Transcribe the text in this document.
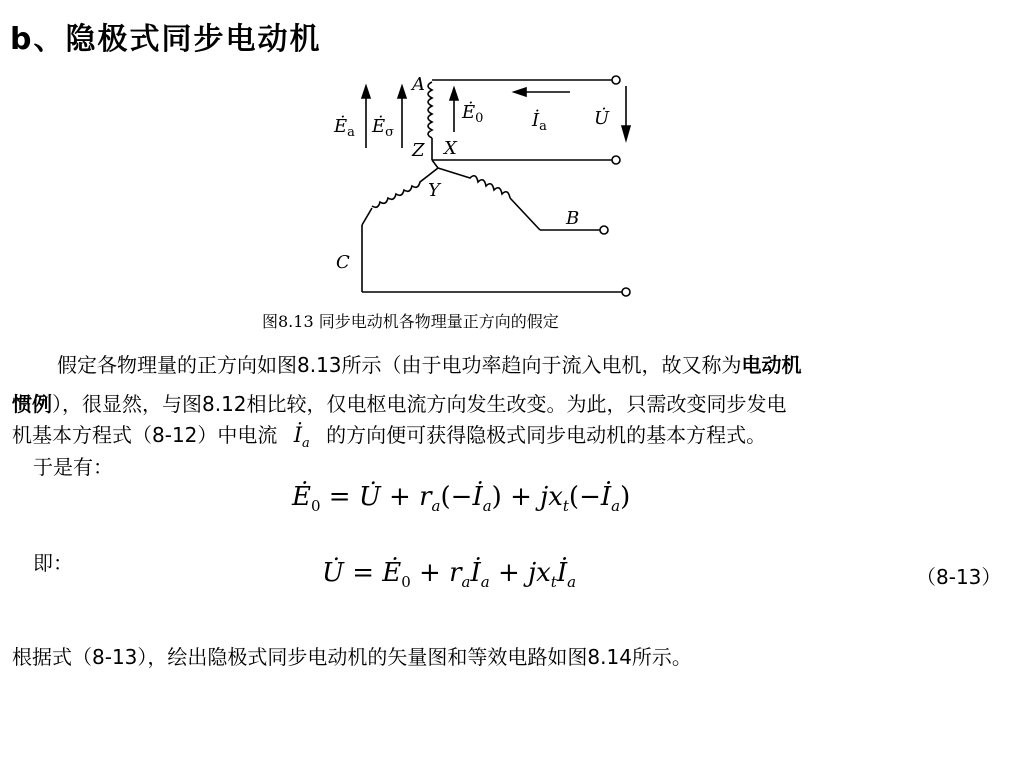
b、隐极式同步电动机
A
X
Z
Y
B
C
$Ė_a$ $Ė_\sigma$
$Ė_0$	$İ_a$	U̇
图8.13 同步电动机各物理量正方向的假定
假定各物理量的正方向如图8.13所示（由于电功率趋向于流入电机，故又称为电动机
惯例），很显然，与图8.12相比较，仅电枢电流方向发生改变。为此，只需改变同步发电
机基本方程式（8-12）中电流 $İ_a$ 的方向便可获得隐极式同步电动机的基本方程式。
于是有：
$Ė_0$ = U̇ + $r_a(-İ_a)$ + $jx_t(-İ_a)$
即：	U̇ = $Ė_0$ + $r_aİ_a$ + $jx_tİ_a$	（8-13）
根据式（8-13），绘出隐极式同步电动机的矢量图和等效电路如图8.14所示。
